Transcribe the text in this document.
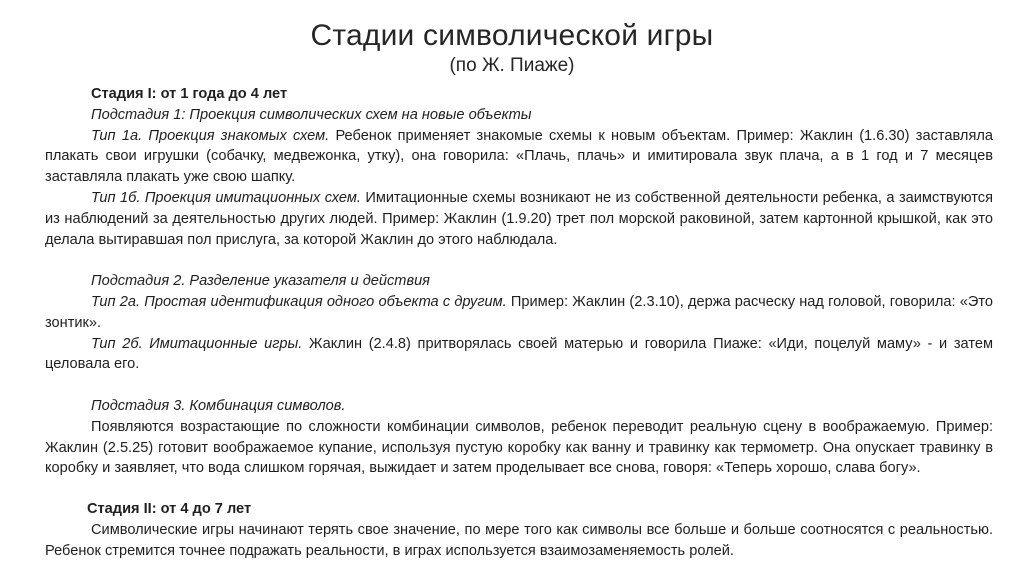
Стадии символической игры
(по Ж. Пиаже)

Стадия I: от 1 года до 4 лет

Подстадия 1: Проекция символических схем на новые объекты

Тип 1а. Проекция знакомых схем. Ребенок применяет знакомые схемы к новым объектам. Пример: Жаклин (1.6.30) заставляла плакать свои игрушки (собачку, медвежонка, утку), она говорила: «Плачь, плачь» и имитировала звук плача, а в 1 год и 7 месяцев заставляла плакать уже свою шапку.

Тип 1б. Проекция имитационных схем. Имитационные схемы возникают не из собственной деятельности ребенка, а заимствуются из наблюдений за деятельностью других людей. Пример: Жаклин (1.9.20) трет пол морской раковиной, затем картонной крышкой, как это делала вытиравшая пол прислуга, за которой Жаклин до этого наблюдала.

Подстадия 2. Разделение указателя и действия

Тип 2а. Простая идентификация одного объекта с другим. Пример: Жаклин (2.3.10), держа расческу над головой, говорила: «Это зонтик».

Тип 2б. Имитационные игры. Жаклин (2.4.8) притворялась своей матерью и говорила Пиаже: «Иди, поцелуй маму» - и затем целовала его.

Подстадия 3. Комбинация символов.

Появляются возрастающие по сложности комбинации символов, ребенок переводит реальную сцену в воображаемую. Пример: Жаклин (2.5.25) готовит воображаемое купание, используя пустую коробку как ванну и травинку как термометр. Она опускает травинку в коробку и заявляет, что вода слишком горячая, выжидает и затем проделывает все снова, говоря: «Теперь хорошо, слава богу».

Стадия II: от 4 до 7 лет

Символические игры начинают терять свое значение, по мере того как символы все больше и больше соотносятся с реальностью. Ребенок стремится точнее подражать реальности, в играх используется взаимозаменяемость ролей.
